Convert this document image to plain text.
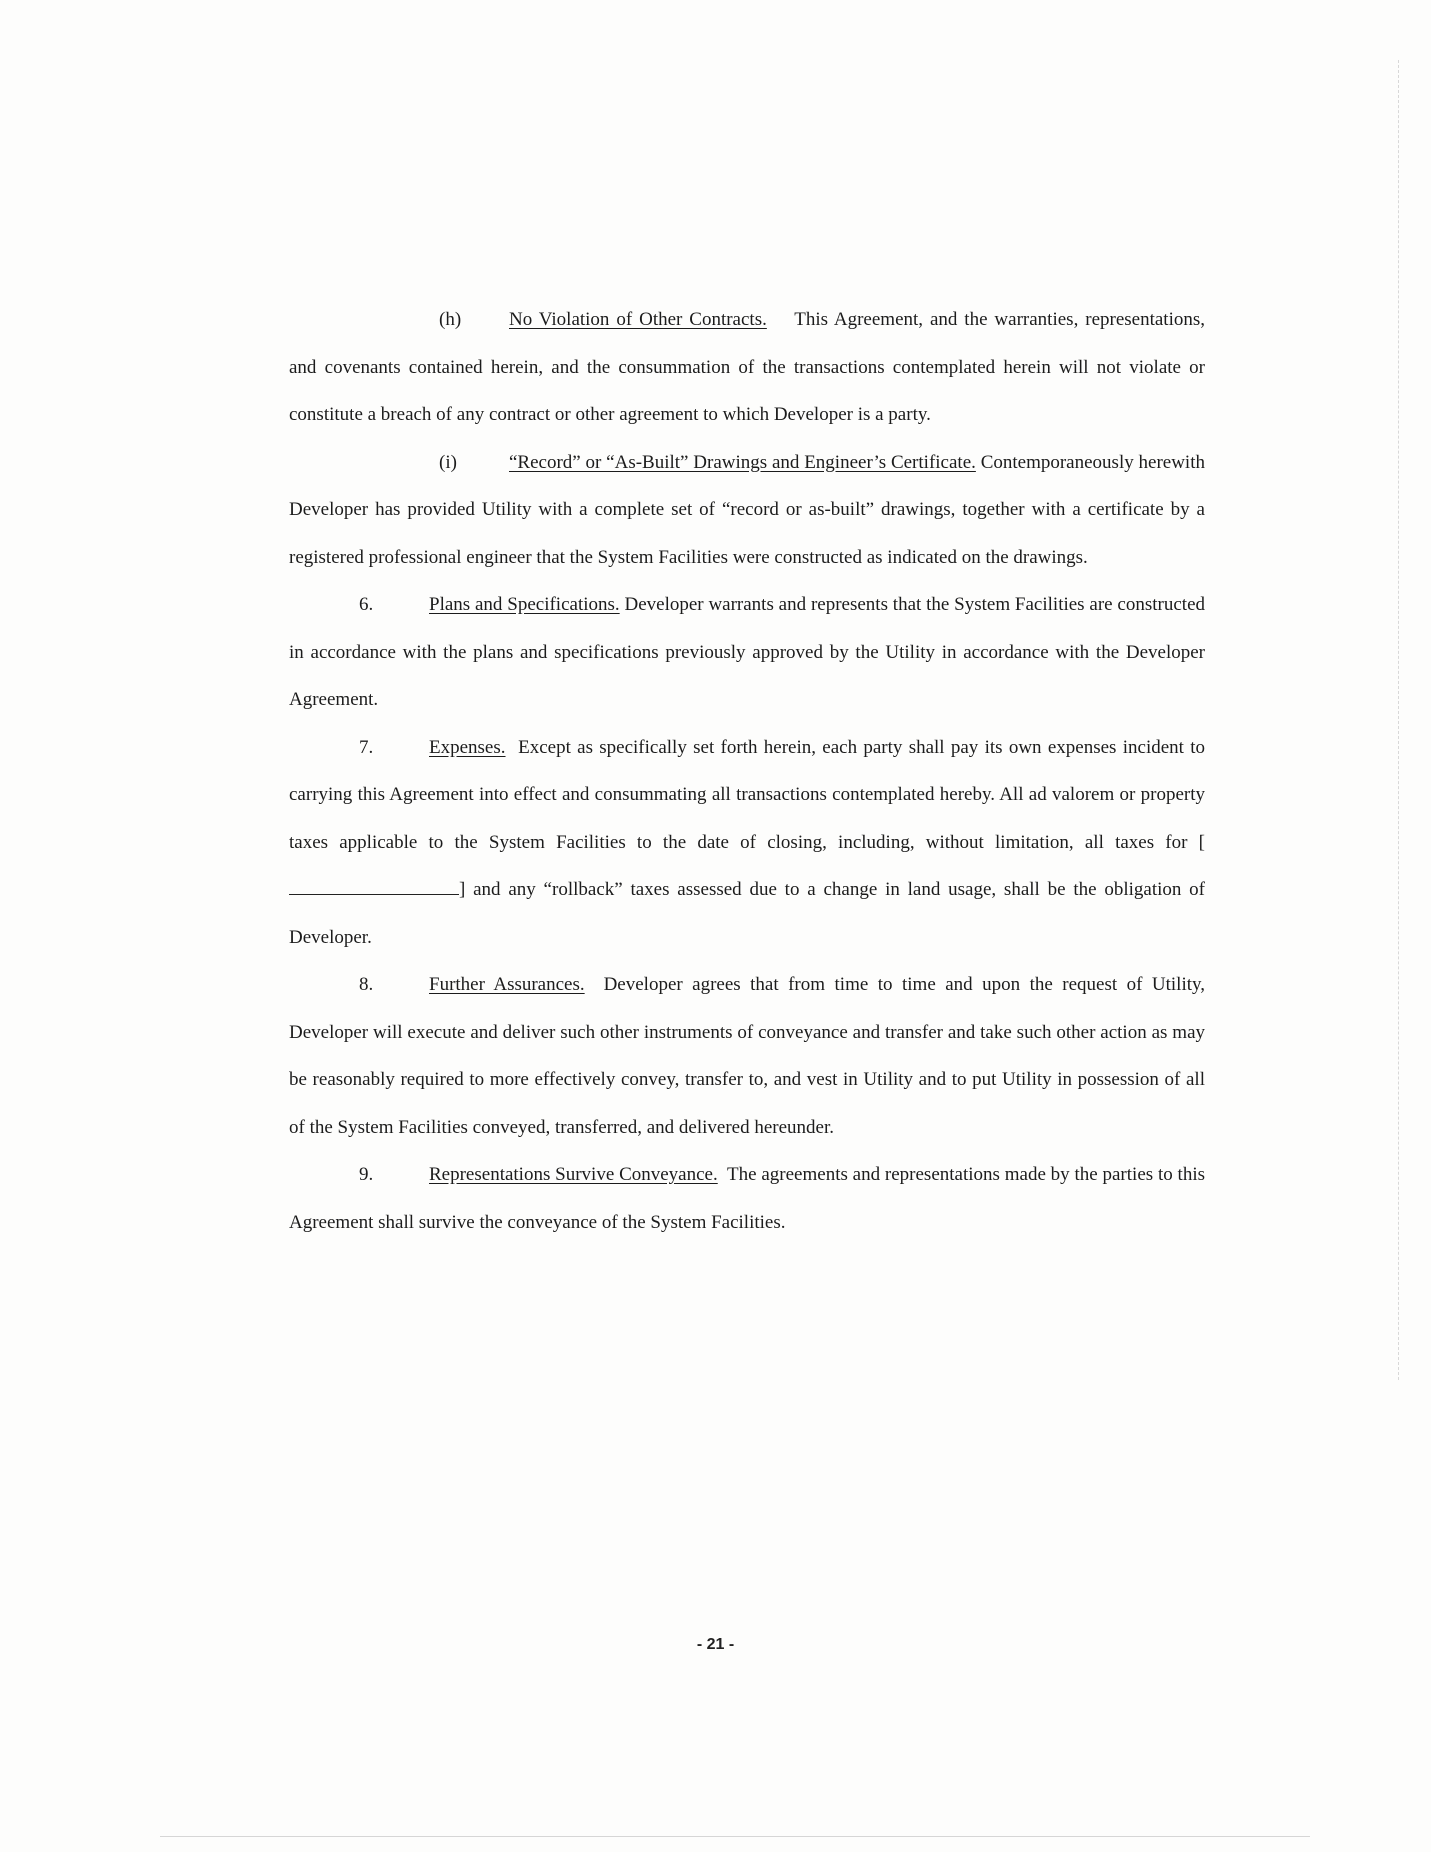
(h)	No Violation of Other Contracts. This Agreement, and the warranties, representations, and covenants contained herein, and the consummation of the transactions contemplated herein will not violate or constitute a breach of any contract or other agreement to which Developer is a party.

(i)	“Record” or “As-Built” Drawings and Engineer’s Certificate. Contemporaneously herewith Developer has provided Utility with a complete set of “record or as-built” drawings, together with a certificate by a registered professional engineer that the System Facilities were constructed as indicated on the drawings.

6.	Plans and Specifications. Developer warrants and represents that the System Facilities are constructed in accordance with the plans and specifications previously approved by the Utility in accordance with the Developer Agreement.

7.	Expenses. Except as specifically set forth herein, each party shall pay its own expenses incident to carrying this Agreement into effect and consummating all transactions contemplated hereby. All ad valorem or property taxes applicable to the System Facilities to the date of closing, including, without limitation, all taxes for [] and any “rollback” taxes assessed due to a change in land usage, shall be the obligation of Developer.

8.	Further Assurances. Developer agrees that from time to time and upon the request of Utility, Developer will execute and deliver such other instruments of conveyance and transfer and take such other action as may be reasonably required to more effectively convey, transfer to, and vest in Utility and to put Utility in possession of all of the System Facilities conveyed, transferred, and delivered hereunder.

9.	Representations Survive Conveyance. The agreements and representations made by the parties to this Agreement shall survive the conveyance of the System Facilities.

- 21 -
